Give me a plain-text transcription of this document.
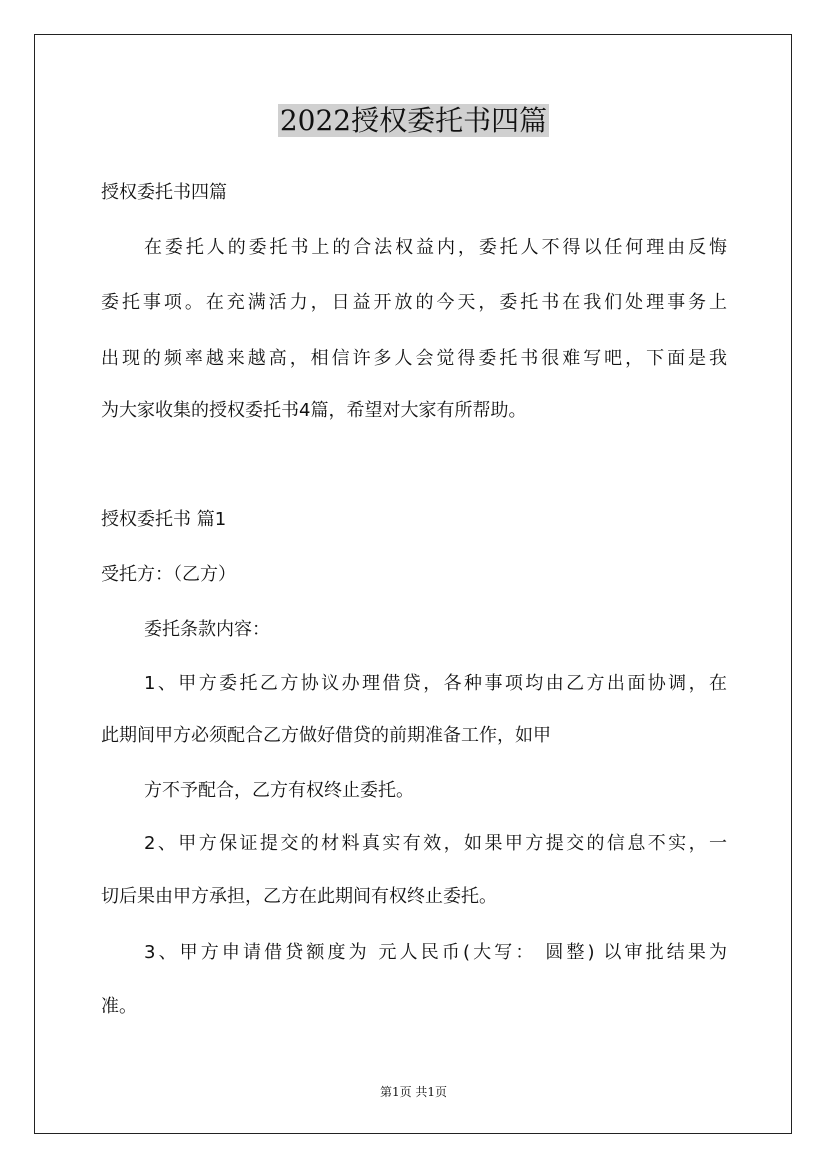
2022授权委托书四篇
授权委托书四篇
在委托人的委托书上的合法权益内，委托人不得以任何理由反悔
委托事项。在充满活力，日益开放的今天，委托书在我们处理事务上
出现的频率越来越高，相信许多人会觉得委托书很难写吧，下面是我
为大家收集的授权委托书4篇，希望对大家有所帮助。
授权委托书 篇1
受托方：（乙方）
委托条款内容：
1、甲方委托乙方协议办理借贷，各种事项均由乙方出面协调，在
此期间甲方必须配合乙方做好借贷的前期准备工作，如甲
方不予配合，乙方有权终止委托。
2、甲方保证提交的材料真实有效，如果甲方提交的信息不实，一
切后果由甲方承担，乙方在此期间有权终止委托。
3、甲方申请借贷额度为 元人民币(大写： 圆整) 以审批结果为
准。
第1页 共1页
